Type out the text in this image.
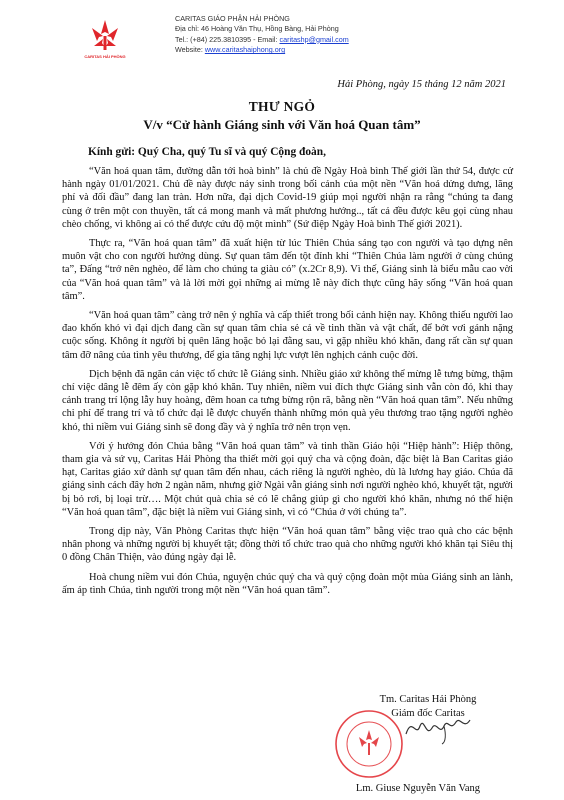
CARITAS HẢI PHÒNG
CARITAS GIÁO PHẬN HẢI PHÒNG
Địa chỉ: 46 Hoàng Văn Thụ, Hồng Bàng, Hải Phòng
Tel.: (+84) 225.3810395 - Email: caritashp@gmail.com
Website: www.caritashaiphong.org
Hải Phòng, ngày 15 tháng 12 năm 2021
THƯ NGỎ
V/v “Cử hành Giáng sinh với Văn hoá Quan tâm”
Kính gửi: Quý Cha, quý Tu sĩ và quý Cộng đoàn,

“Văn hoá quan tâm, đường dẫn tới hoà bình” là chủ đề Ngày Hoà bình Thế giới lần thứ 54, được cử hành ngày 01/01/2021. Chủ đề này được nảy sinh trong bối cảnh của một nền “Văn hoá dửng dưng, lãng phí và đối đầu” đang lan tràn. Hơn nữa, đại dịch Covid-19 giúp mọi người nhận ra rằng “chúng ta đang cùng ở trên một con thuyền, tất cả mong manh và mất phương hướng.., tất cả đều được kêu gọi cùng nhau chèo chống, vì không ai có thể được cứu độ một mình” (Sứ điệp Ngày Hoà bình Thế giới 2021).

Thực ra, “Văn hoá quan tâm” đã xuất hiện từ lúc Thiên Chúa sáng tạo con người và tạo dựng nên muôn vật cho con người hưởng dùng. Sự quan tâm đến tột đỉnh khi “Thiên Chúa làm người ở cùng chúng ta”, Đấng “trở nên nghèo, để làm cho chúng ta giàu có” (x.2Cr 8,9). Vì thế, Giáng sinh là biểu mẫu cao vời của “Văn hoá quan tâm” và là lời mời gọi những ai mừng lễ này đích thực cũng hãy sống “Văn hoá quan tâm”.

“Văn hoá quan tâm” càng trở nên ý nghĩa và cấp thiết trong bối cảnh hiện nay. Không thiếu người lao đao khốn khó vì đại dịch đang cần sự quan tâm chia sẻ cả về tinh thần và vật chất, để bớt vơi gánh nặng cuộc sống. Không ít người bị quên lãng hoặc bỏ lại đằng sau, vì gặp nhiều khó khăn, đang rất cần sự quan tâm đỡ nâng của tình yêu thương, để gia tăng nghị lực vượt lên nghịch cảnh cuộc đời.

Dịch bệnh đã ngăn cản việc tổ chức lễ Giáng sinh. Nhiều giáo xứ không thể mừng lễ tưng bừng, thậm chí việc dâng lễ đêm ấy còn gặp khó khăn. Tuy nhiên, niềm vui đích thực Giáng sinh vẫn còn đó, khi thay cảnh trang trí lộng lẫy huy hoàng, đêm hoan ca tưng bừng rộn rã, bằng nền “Văn hoá quan tâm”. Nếu những chi phí để trang trí và tổ chức đại lễ được chuyển thành những món quà yêu thương trao tặng người nghèo khó, thì niềm vui Giáng sinh sẽ đong đầy và ý nghĩa trở nên trọn vẹn.

Với ý hướng đón Chúa bằng “Văn hoá quan tâm” và tinh thần Giáo hội “Hiệp hành”: Hiệp thông, tham gia và sứ vụ, Caritas Hải Phòng tha thiết mời gọi quý cha và cộng đoàn, đặc biệt là Ban Caritas giáo hạt, Caritas giáo xứ dành sự quan tâm đến nhau, cách riêng là người nghèo, dù là lương hay giáo. Chúa đã giáng sinh cách đây hơn 2 ngàn năm, nhưng giờ Ngài vẫn giáng sinh nơi người nghèo khó, khuyết tật, người bị bỏ rơi, bị loại trừ…. Một chút quà chia sẻ có lẽ chẳng giúp gì cho người khó khăn, nhưng nó thể hiện “Văn hoá quan tâm”, đặc biệt là niềm vui Giáng sinh, vì có “Chúa ở với chúng ta”.

Trong dịp này, Văn Phòng Caritas thực hiện “Văn hoá quan tâm” bằng việc trao quà cho các bệnh nhân phong và những người bị khuyết tật; đồng thời tổ chức trao quà cho những người khó khăn tại Siêu thị 0 đồng Chân Thiện, vào đúng ngày đại lễ.

Hoà chung niềm vui đón Chúa, nguyện chúc quý cha và quý cộng đoàn một mùa Giáng sinh an lành, ấm áp tình Chúa, tình người trong một nền “Văn hoá quan tâm”.

Tm. Caritas Hải Phòng
Giám đốc Caritas
Lm. Giuse Nguyễn Văn Vang
